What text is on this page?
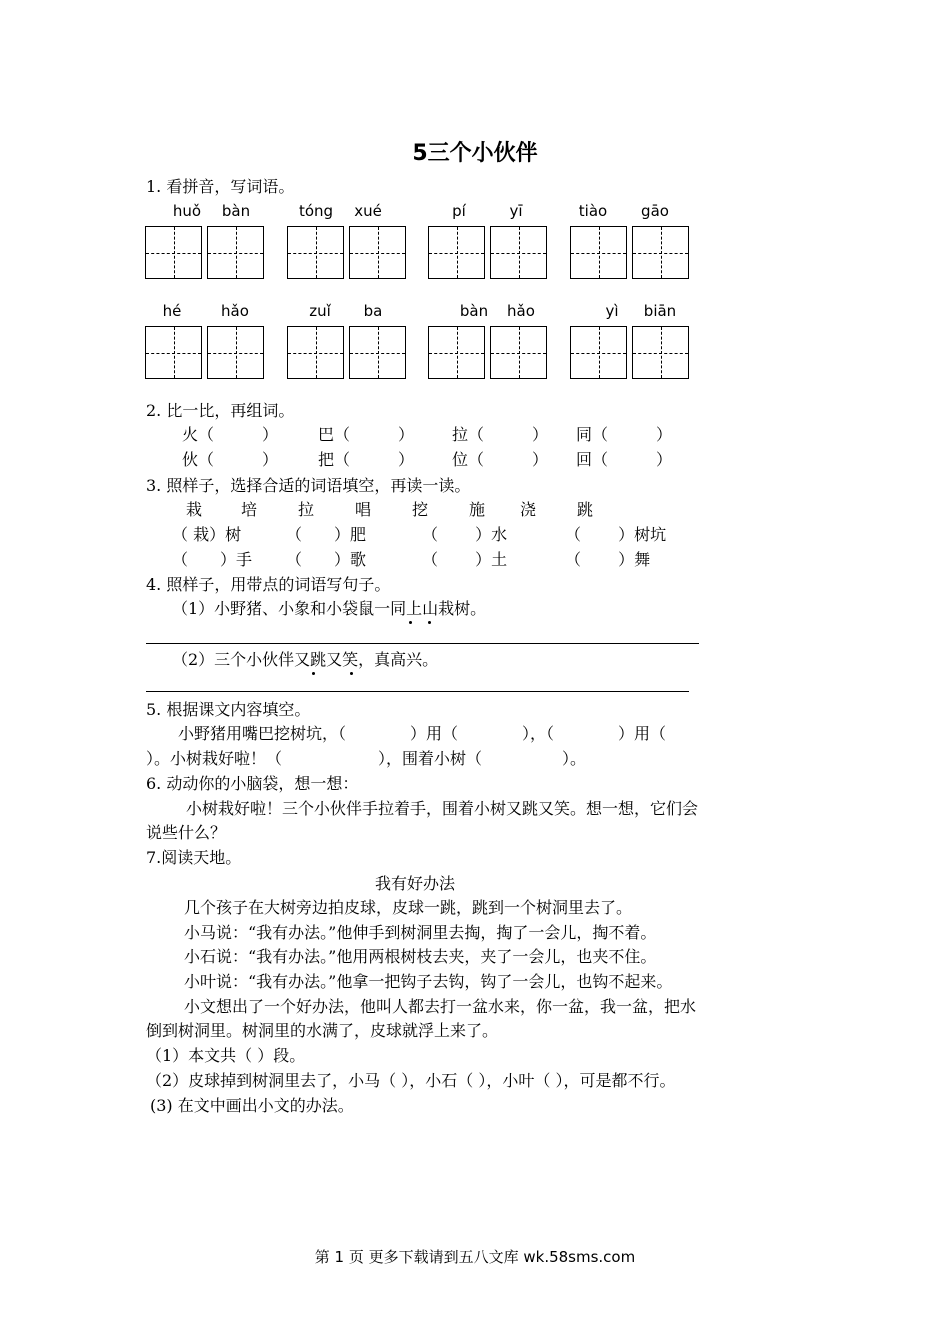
5三个小伙伴
1. 看拼音，写词语。
huǒ	bàn	tóng	xué	pí	yī	tiào	gāo
hé	hǎo	zuǐ	ba	bàn	hǎo	yì	biān
2. 比一比，再组词。
火（　　　） 巴（　　　） 拉（　　　） 同（　　　）
伙（　　　） 把（　　　） 位（　　　） 回（　　　）
3. 照样子，选择合适的词语填空，再读一读。
栽 培	拉	唱	挖	施 浇	跳
（ 栽）树	（　　）肥	（　　 ）水	（　　 ）树坑
（　　）手 （　　）歌	（　　 ）土	（　　 ）舞
4. 照样子，用带点的词语写句子。
（1）小野猪、小象和小袋鼠一同上山栽树。
（2）三个小伙伴又跳又笑，真高兴。
5. 根据课文内容填空。
小野猪用嘴巴挖树坑，（　　　　）用（　　　　），（　　　　）用（
）。小树栽好啦！（　　　　　　），围着小树（　　　　　）。
6. 动动你的小脑袋，想一想：
小树栽好啦！三个小伙伴手拉着手，围着小树又跳又笑。想一想，它们会
说些什么？
7.阅读天地。
我有好办法
几个孩子在大树旁边拍皮球，皮球一跳，跳到一个树洞里去了。
小马说：“我有办法。”他伸手到树洞里去掏，掏了一会儿，掏不着。
小石说：“我有办法。”他用两根树枝去夹，夹了一会儿，也夹不住。
小叶说：“我有办法。”他拿一把钩子去钩，钩了一会儿，也钩不起来。
小文想出了一个好办法，他叫人都去打一盆水来，你一盆，我一盆，把水
倒到树洞里。树洞里的水满了，皮球就浮上来了。
（1）本文共（ ）段。
（2）皮球掉到树洞里去了，小马（ ），小石（ ），小叶（ ），可是都不行。
(3) 在文中画出小文的办法。
第 1 页 更多下载请到五八文库 wk.58sms.com
